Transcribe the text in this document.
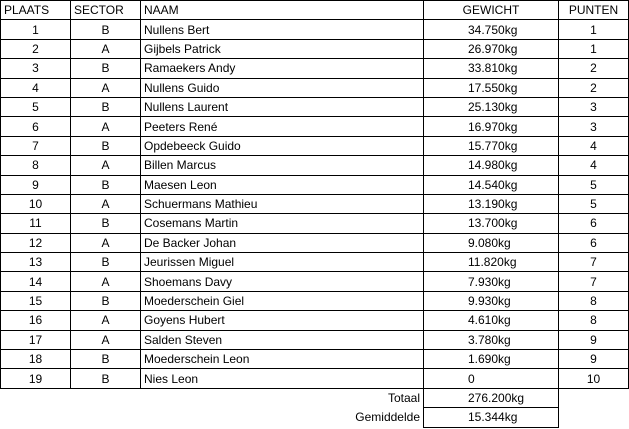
PLAATS	SECTOR	NAAM	GEWICHT	PUNTEN
1	B	Nullens Bert	34.750kg	1
2	A	Gijbels Patrick	26.970kg	1
3	B	Ramaekers Andy	33.810kg	2
4	A	Nullens Guido	17.550kg	2
5	B	Nullens Laurent	25.130kg	3
6	A	Peeters René	16.970kg	3
7	B	Opdebeeck Guido	15.770kg	4
8	A	Billen Marcus	14.980kg	4
9	B	Maesen Leon	14.540kg	5
10	A	Schuermans Mathieu	13.190kg	5
11	B	Cosemans Martin	13.700kg	6
12	A	De Backer Johan	9.080kg	6
13	B	Jeurissen Miguel	11.820kg	7
14	A	Shoemans Davy	7.930kg	7
15	B	Moederschein Giel	9.930kg	8
16	A	Goyens Hubert	4.610kg	8
17	A	Salden Steven	3.780kg	9
18	B	Moederschein Leon	1.690kg	9
19	B	Nies Leon	0	10
		Totaal	276.200kg	
		Gemiddelde	15.344kg	
